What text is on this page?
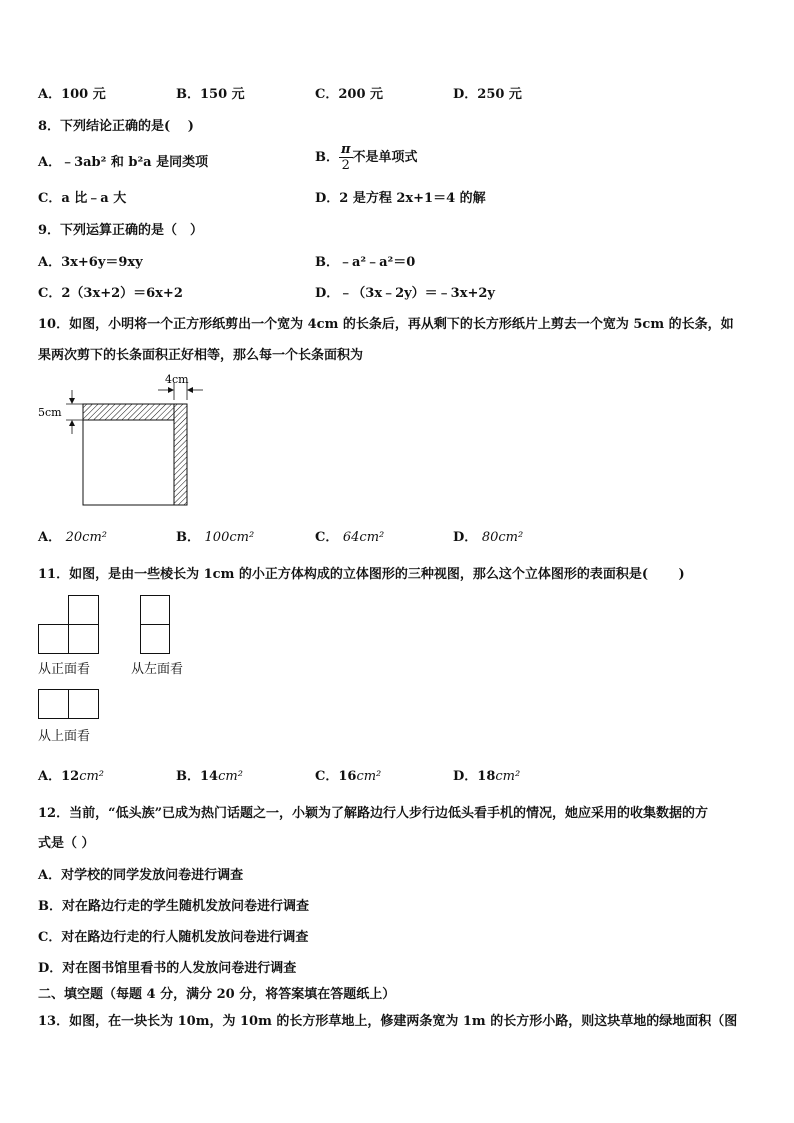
A．100 元	B．150 元	C．200 元	D．250 元
8．下列结论正确的是(　 )
A．﹣3ab² 和 b²a 是同类项	B． $\frac{\pi}{2}$ 不是单项式
C．a 比﹣a 大	D．2 是方程 2x+1＝4 的解
9．下列运算正确的是（　）
A．3x+6y＝9xy	B．﹣a²﹣a²＝0
C．2（3x+2）＝6x+2	D．﹣（3x﹣2y）＝﹣3x+2y
10．如图，小明将一个正方形纸剪出一个宽为 4cm 的长条后，再从剩下的长方形纸片上剪去一个宽为 5cm 的长条，如
果两次剪下的长条面积正好相等，那么每一个长条面积为
4cm
5cm
A． 20cm²	B． 100cm²	C． 64cm²	D． 80cm²
11．如图，是由一些棱长为 1cm 的小正方体构成的立体图形的三种视图，那么这个立体图形的表面积是(　　 )
从正面看	从左面看
从上面看
A．12cm²	B．14cm²	C．16cm²	D．18cm²
12．当前，“低头族”已成为热门话题之一，小颖为了解路边行人步行边低头看手机的情况，她应采用的收集数据的方
式是（ ）
A．对学校的同学发放问卷进行调查
B．对在路边行走的学生随机发放问卷进行调查
C．对在路边行走的行人随机发放问卷进行调查
D．对在图书馆里看书的人发放问卷进行调查
二、填空题（每题 4 分，满分 20 分，将答案填在答题纸上）
13．如图，在一块长为 10m，为 10m 的长方形草地上，修建两条宽为 1m 的长方形小路，则这块草地的绿地面积（图
